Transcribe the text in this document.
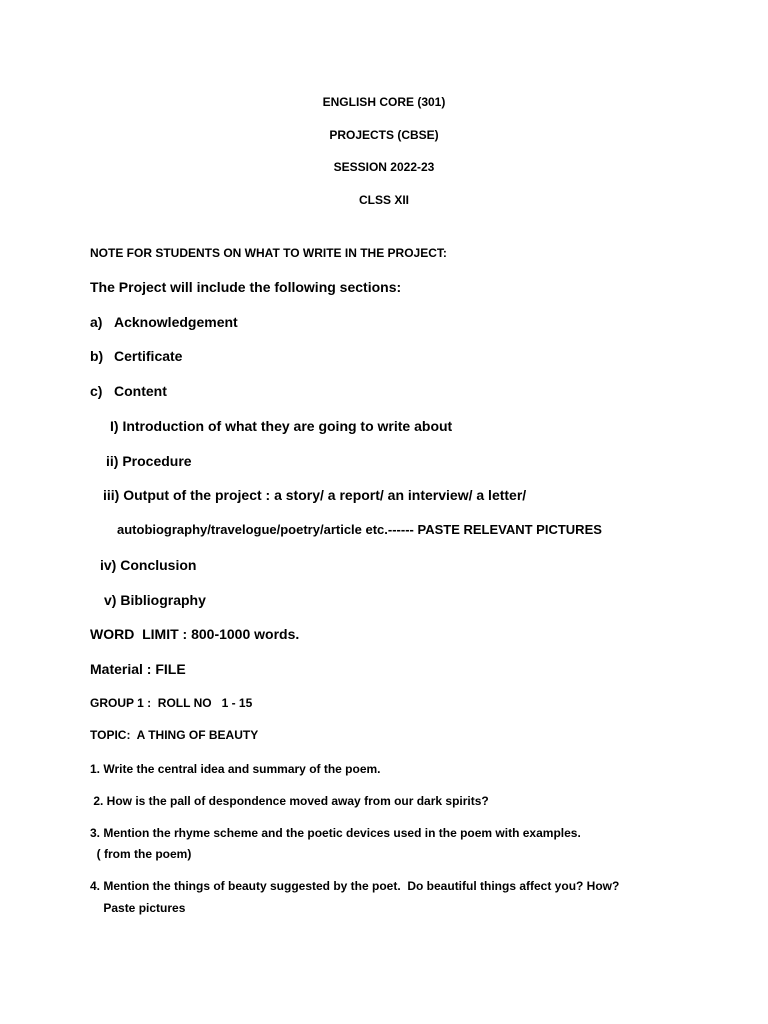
ENGLISH CORE (301)
PROJECTS (CBSE)
SESSION 2022-23
CLSS XII
NOTE FOR STUDENTS ON WHAT TO WRITE IN THE PROJECT:
The Project will include the following sections:
a) Acknowledgement
b) Certificate
c) Content
I) Introduction of what they are going to write about
ii) Procedure
iii) Output of the project : a story/ a report/ an interview/ a letter/
autobiography/travelogue/poetry/article etc.------ PASTE RELEVANT PICTURES
iv) Conclusion
v) Bibliography
WORD  LIMIT : 800-1000 words.
Material : FILE
GROUP 1 :  ROLL NO   1 - 15
TOPIC:  A THING OF BEAUTY
1. Write the central idea and summary of the poem.
2. How is the pall of despondence moved away from our dark spirits?
3. Mention the rhyme scheme and the poetic devices used in the poem with examples.
( from the poem)
4. Mention the things of beauty suggested by the poet.  Do beautiful things affect you? How?
Paste pictures
